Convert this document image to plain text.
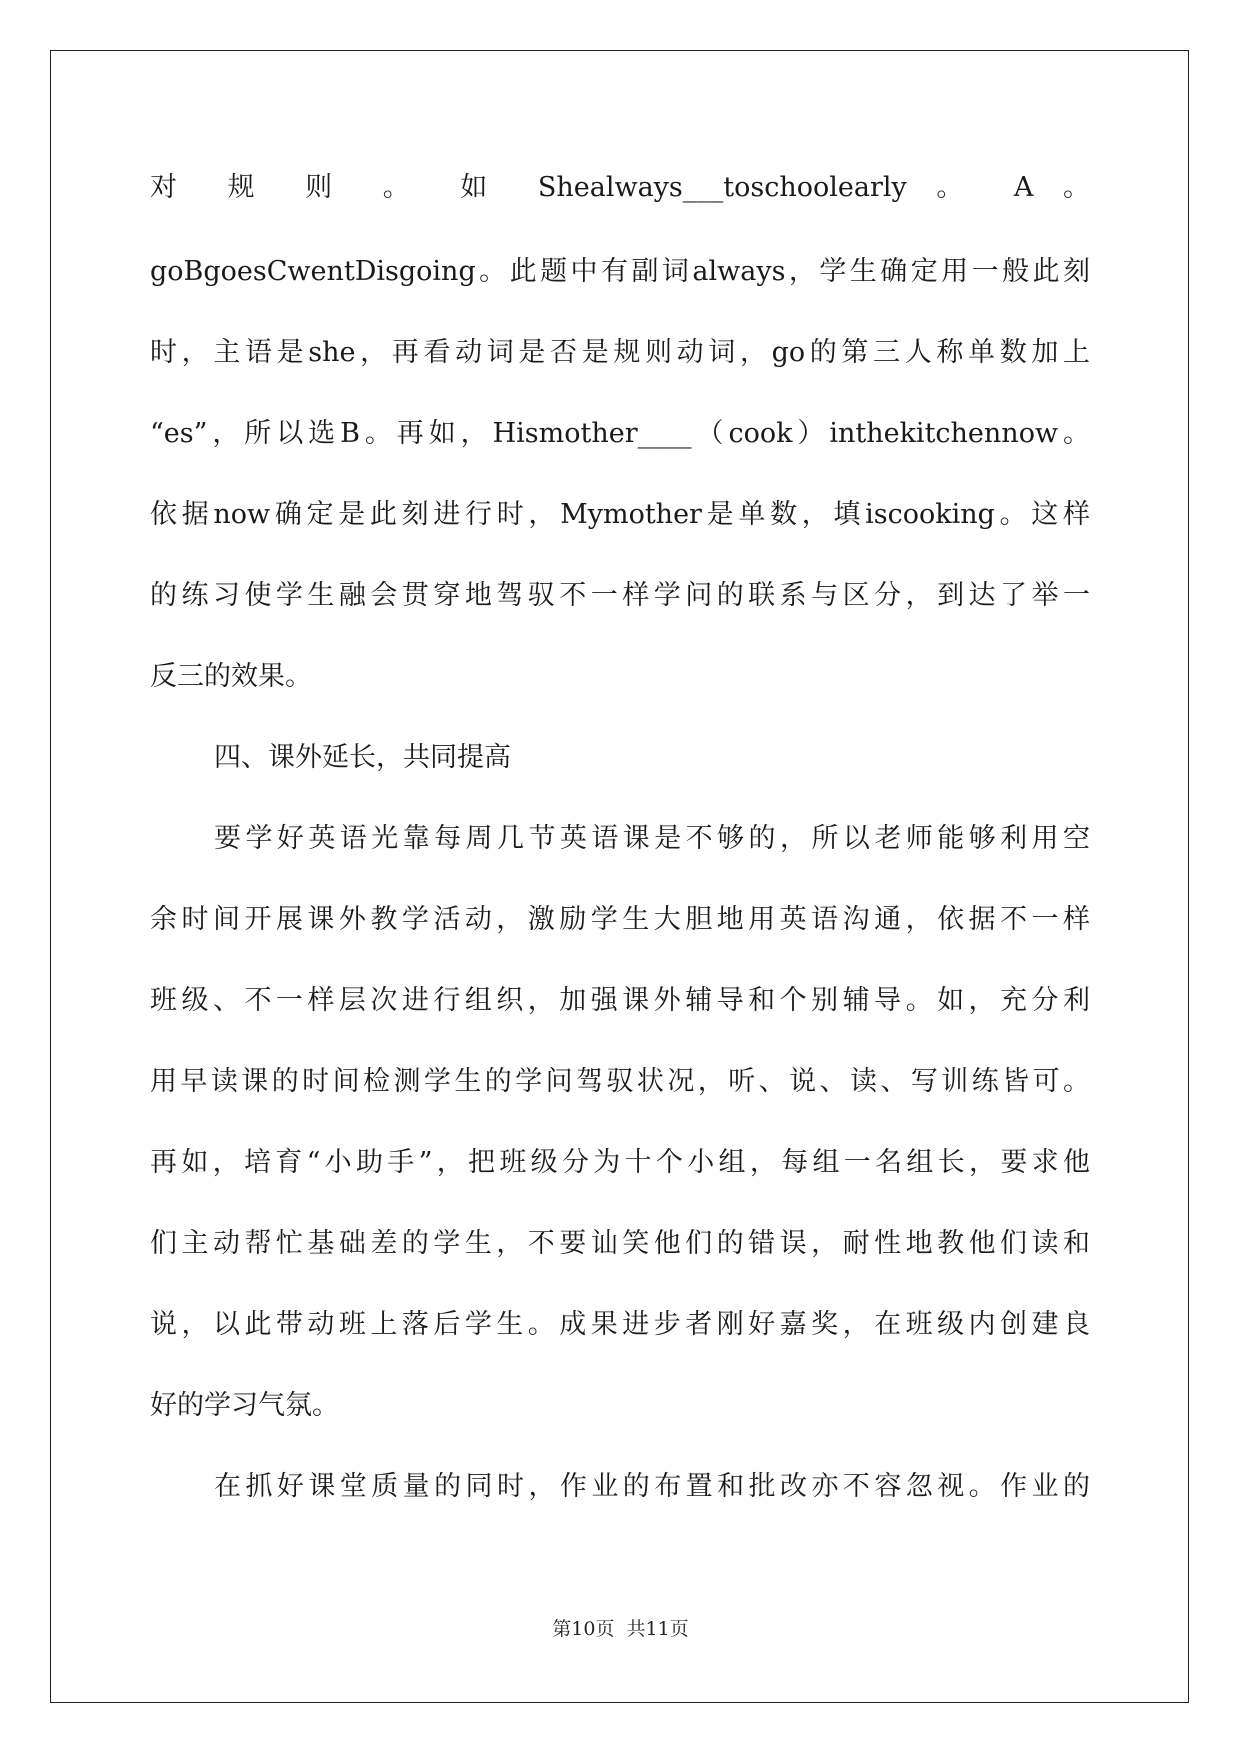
对 规 则 。 如 Shealways___toschoolearly 。 A 。
goBgoesCwentDisgoing。此题中有副词always，学生确定用一般此刻
时，主语是she，再看动词是否是规则动词，go的第三人称单数加上
“es”，所以选B。再如，Hismother____（cook）inthekitchennow。
依据now确定是此刻进行时，Mymother是单数，填iscooking。这样
的练习使学生融会贯穿地驾驭不一样学问的联系与区分，到达了举一
反三的效果。
四、课外延长，共同提高
要学好英语光靠每周几节英语课是不够的，所以老师能够利用空
余时间开展课外教学活动，激励学生大胆地用英语沟通，依据不一样
班级、不一样层次进行组织，加强课外辅导和个别辅导。如，充分利
用早读课的时间检测学生的学问驾驭状况，听、说、读、写训练皆可。
再如，培育“小助手”，把班级分为十个小组，每组一名组长，要求他
们主动帮忙基础差的学生，不要讪笑他们的错误，耐性地教他们读和
说，以此带动班上落后学生。成果进步者刚好嘉奖，在班级内创建良
好的学习气氛。
在抓好课堂质量的同时，作业的布置和批改亦不容忽视。作业的
第10页 共11页
